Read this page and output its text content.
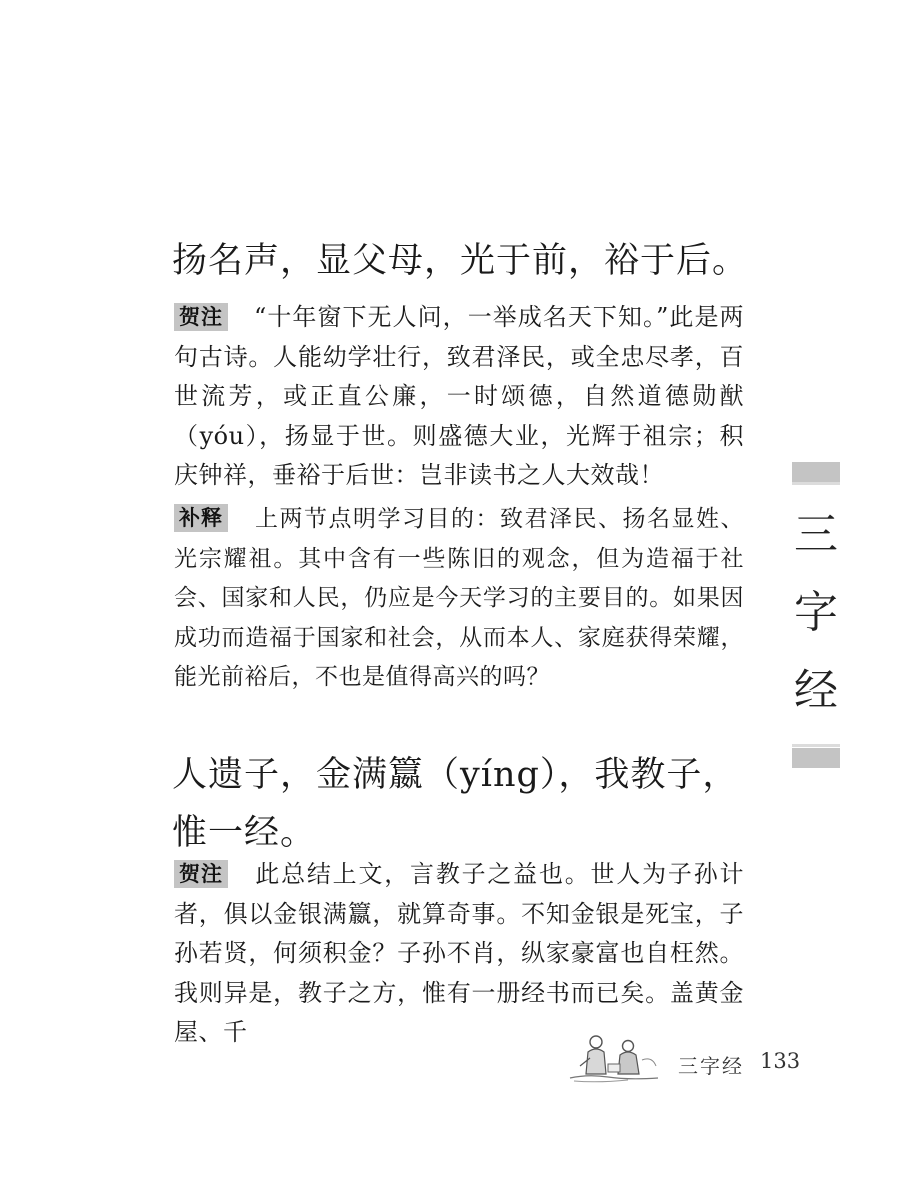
扬名声，显父母，光于前，裕于后。

贺注 “十年窗下无人问，一举成名天下知。”此是两句古诗。人能幼学壮行，致君泽民，或全忠尽孝，百世流芳，或正直公廉，一时颂德，自然道德勋猷（yóu），扬显于世。则盛德大业，光辉于祖宗；积庆钟祥，垂裕于后世：岂非读书之人大效哉！

补释 上两节点明学习目的：致君泽民、扬名显姓、光宗耀祖。其中含有一些陈旧的观念，但为造福于社会、国家和人民，仍应是今天学习的主要目的。如果因成功而造福于国家和社会，从而本人、家庭获得荣耀，能光前裕后，不也是值得高兴的吗？

人遗子，金满籝（yíng），我教子，惟一经。

贺注 此总结上文，言教子之益也。世人为子孙计者，俱以金银满籝，就算奇事。不知金银是死宝，子孙若贤，何须积金？子孙不肖，纵家豪富也自枉然。我则异是，教子之方，惟有一册经书而已矣。盖黄金屋、千

三
字
经
三字经 133
